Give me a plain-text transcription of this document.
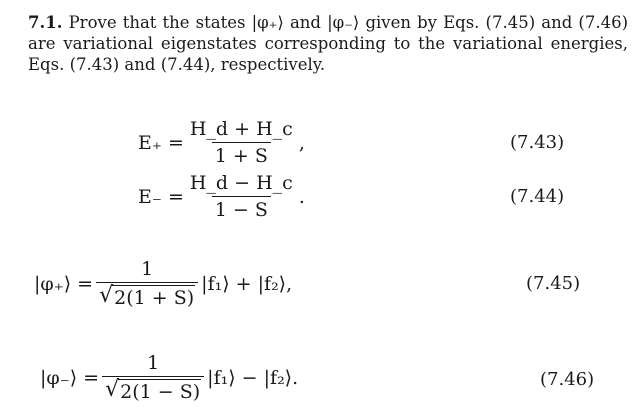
7.1. Prove that the states |φ₊⟩ and |φ₋⟩ given by Eqs. (7.45) and (7.46) are variational eigenstates corresponding to the variational energies, Eqs. (7.43) and (7.44), respectively.
$E_+ = \frac{H\_d + H\_c}{1 + S}$ ,	(7.43)
$E_- = \frac{H\_d - H\_c}{1 - S}$ .	(7.44)
|φ₊⟩ = $\frac{1}{√ 2(1 + S)}$ |f₁⟩ + |f₂⟩,	(7.45)
|φ₋⟩ = $\frac{1}{√ 2(1 - S)}$ |f₁⟩ − |f₂⟩.	(7.46)
